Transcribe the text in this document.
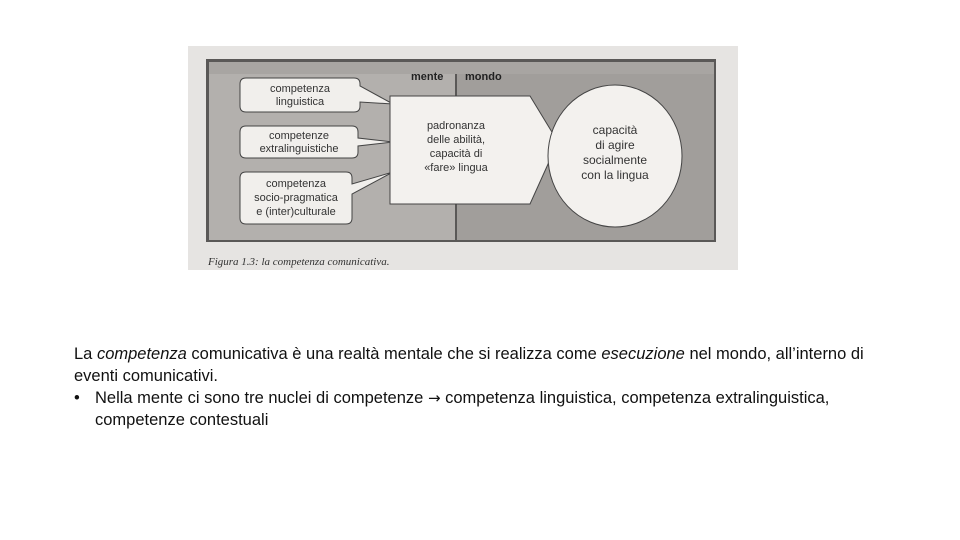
mente mondo
competenza
linguistica
competenze
extralinguistiche
competenza
socio-pragmatica
e (inter)culturale
padronanza
delle abilità,
capacità di
«fare» lingua
capacità
di agire
socialmente
con la lingua
Figura 1.3: la competenza comunicativa.

La competenza comunicativa è una realtà mentale che si realizza come esecuzione nel mondo, all’interno di eventi comunicativi.

• Nella mente ci sono tre nuclei di competenze → competenza linguistica, competenza extralinguistica, competenze contestuali
